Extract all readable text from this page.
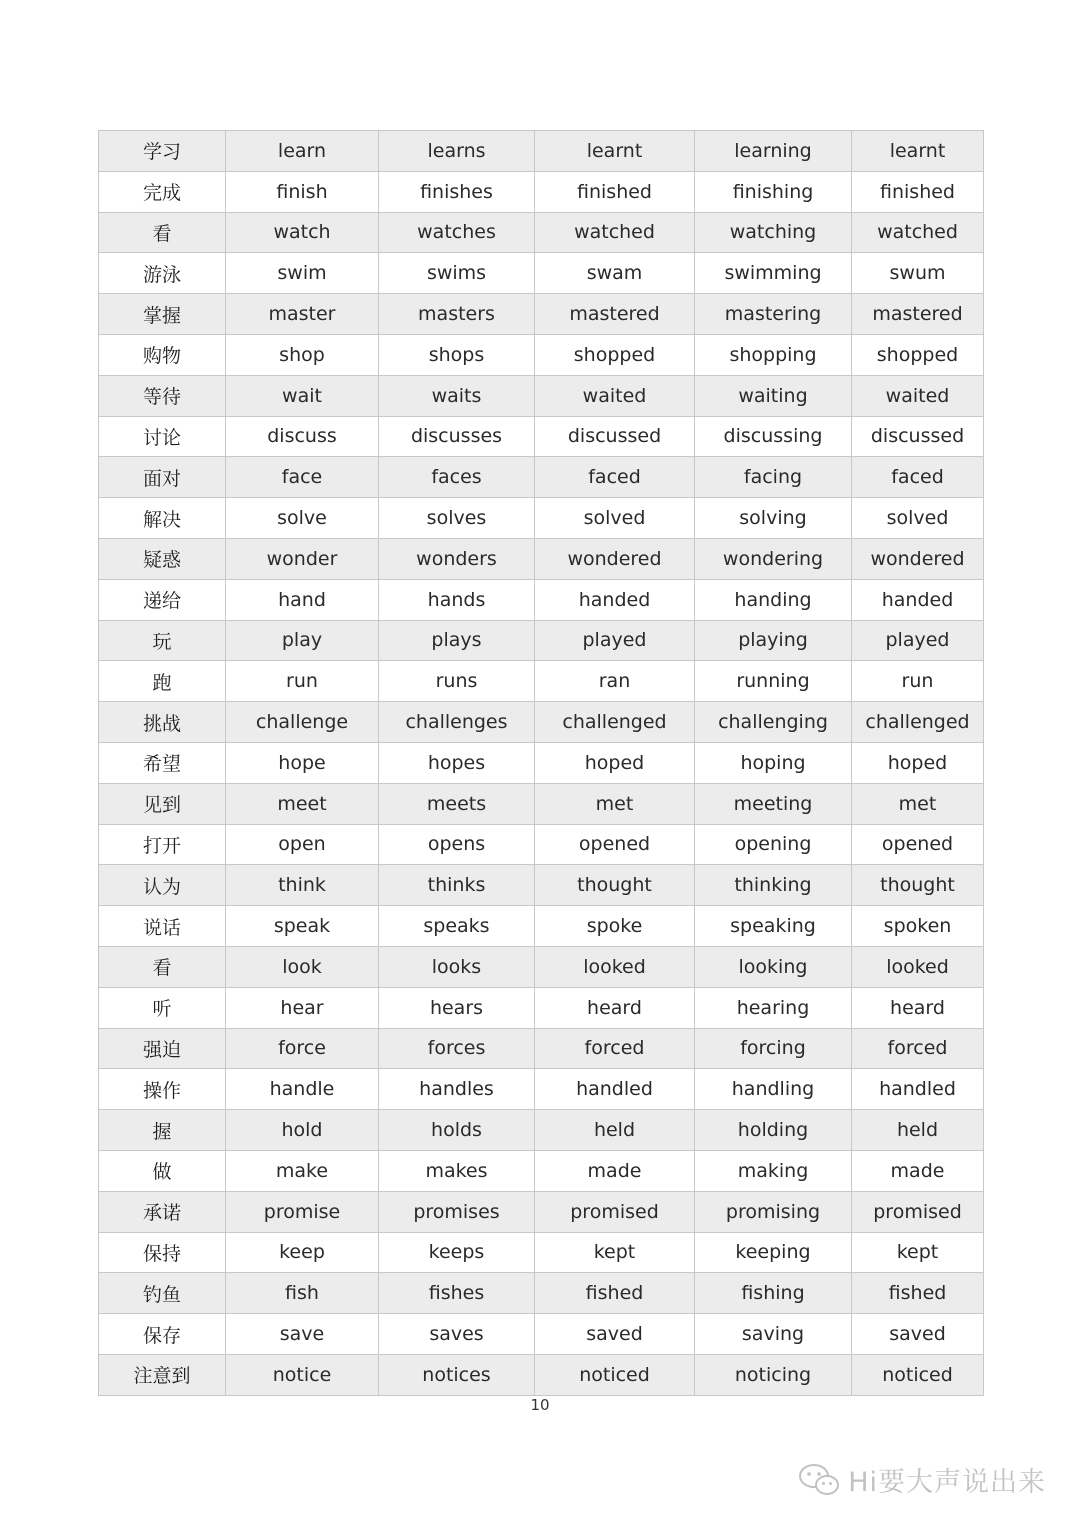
学习	learn	learns	learnt	learning	learnt
完成	finish	finishes	finished	finishing	finished
看	watch	watches	watched	watching	watched
游泳	swim	swims	swam	swimming	swum
掌握	master	masters	mastered	mastering	mastered
购物	shop	shops	shopped	shopping	shopped
等待	wait	waits	waited	waiting	waited
讨论	discuss	discusses	discussed	discussing	discussed
面对	face	faces	faced	facing	faced
解决	solve	solves	solved	solving	solved
疑惑	wonder	wonders	wondered	wondering	wondered
递给	hand	hands	handed	handing	handed
玩	play	plays	played	playing	played
跑	run	runs	ran	running	run
挑战	challenge	challenges	challenged	challenging	challenged
希望	hope	hopes	hoped	hoping	hoped
见到	meet	meets	met	meeting	met
打开	open	opens	opened	opening	opened
认为	think	thinks	thought	thinking	thought
说话	speak	speaks	spoke	speaking	spoken
看	look	looks	looked	looking	looked
听	hear	hears	heard	hearing	heard
强迫	force	forces	forced	forcing	forced
操作	handle	handles	handled	handling	handled
握	hold	holds	held	holding	held
做	make	makes	made	making	made
承诺	promise	promises	promised	promising	promised
保持	keep	keeps	kept	keeping	kept
钓鱼	fish	fishes	fished	fishing	fished
保存	save	saves	saved	saving	saved
注意到	notice	notices	noticed	noticing	noticed
10
Hi要大声说出来
